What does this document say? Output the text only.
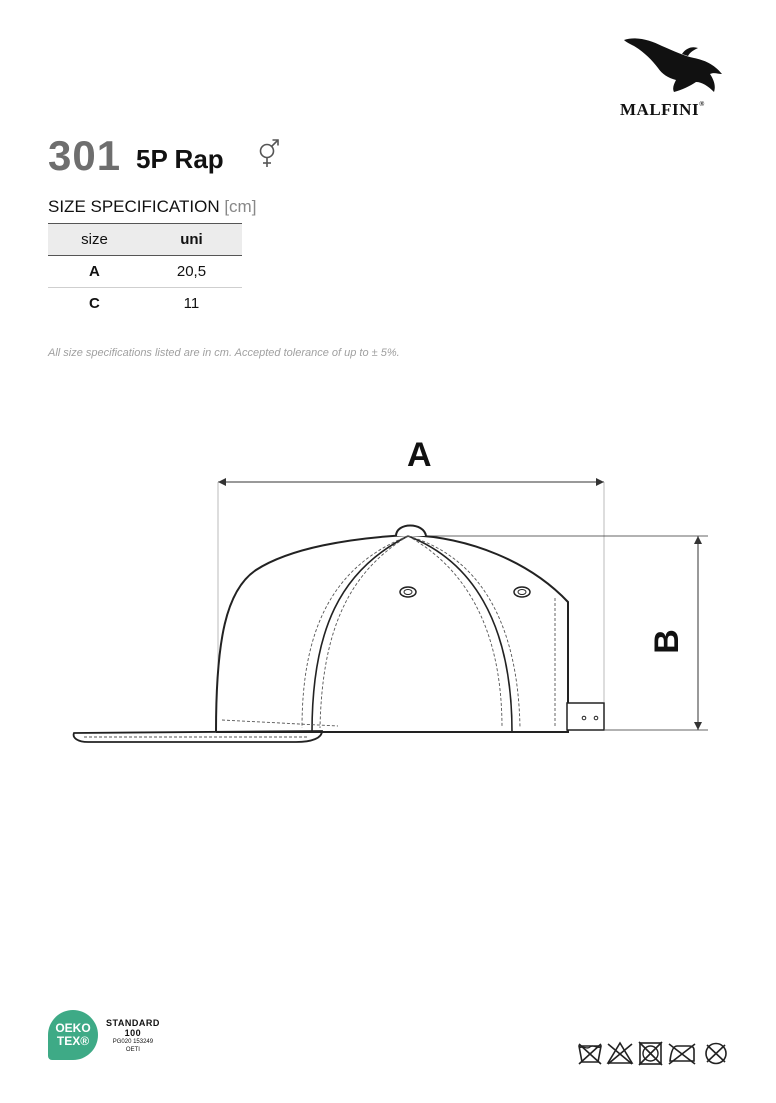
MALFINI®
301 5P Rap
SIZE SPECIFICATION [cm]
size	uni
A	20,5
C	11
All size specifications listed are in cm. Accepted tolerance of up to ± 5%.
A
B
OEKO
TEX®
STANDARD
100
PG020 153249
OETI
